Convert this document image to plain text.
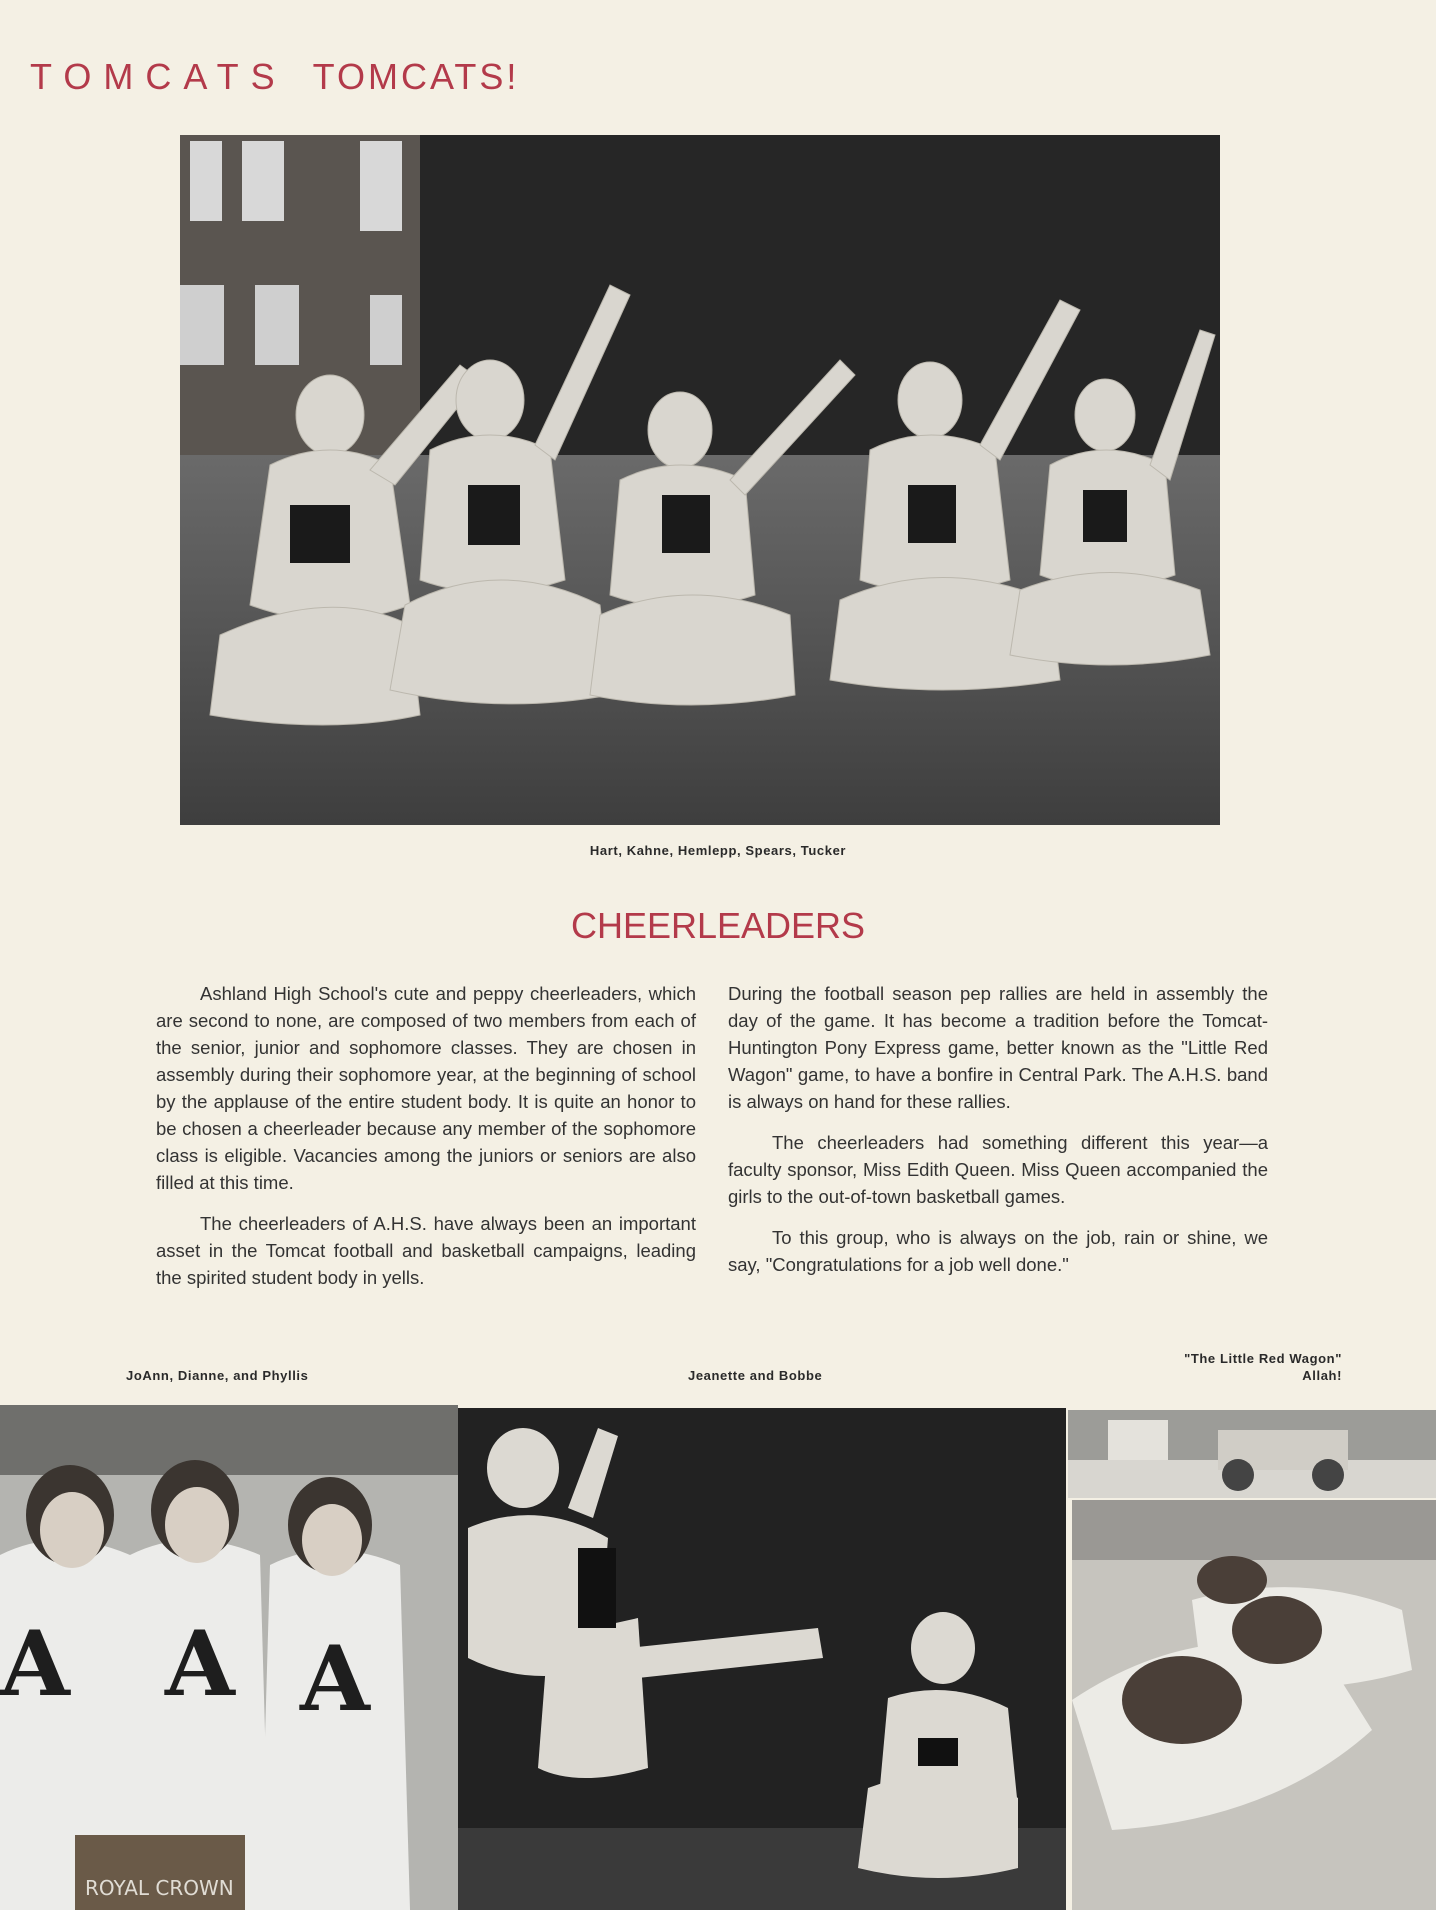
TOMCATS TOMCATS!
Hart, Kahne, Hemlepp, Spears, Tucker
CHEERLEADERS

Ashland High School's cute and peppy cheerleaders, which are second to none, are composed of two members from each of the senior, junior and sophomore classes. They are chosen in assembly during their sophomore year, at the beginning of school by the applause of the entire student body. It is quite an honor to be chosen a cheerleader because any member of the sophomore class is eligible. Vacancies among the juniors or seniors are also filled at this time.

The cheerleaders of A.H.S. have always been an important asset in the Tomcat football and basketball campaigns, leading the spirited student body in yells.

During the football season pep rallies are held in assembly the day of the game. It has become a tradition before the Tomcat-Huntington Pony Express game, better known as the "Little Red Wagon" game, to have a bonfire in Central Park. The A.H.S. band is always on hand for these rallies.

The cheerleaders had something different this year—a faculty sponsor, Miss Edith Queen. Miss Queen accompanied the girls to the out-of-town basketball games.

To this group, who is always on the job, rain or shine, we say, "Congratulations for a job well done."

JoAnn, Dianne, and Phyllis	Jeanette and Bobbe
"The Little Red Wagon"
Allah!
A A A
ROYAL CROWN
